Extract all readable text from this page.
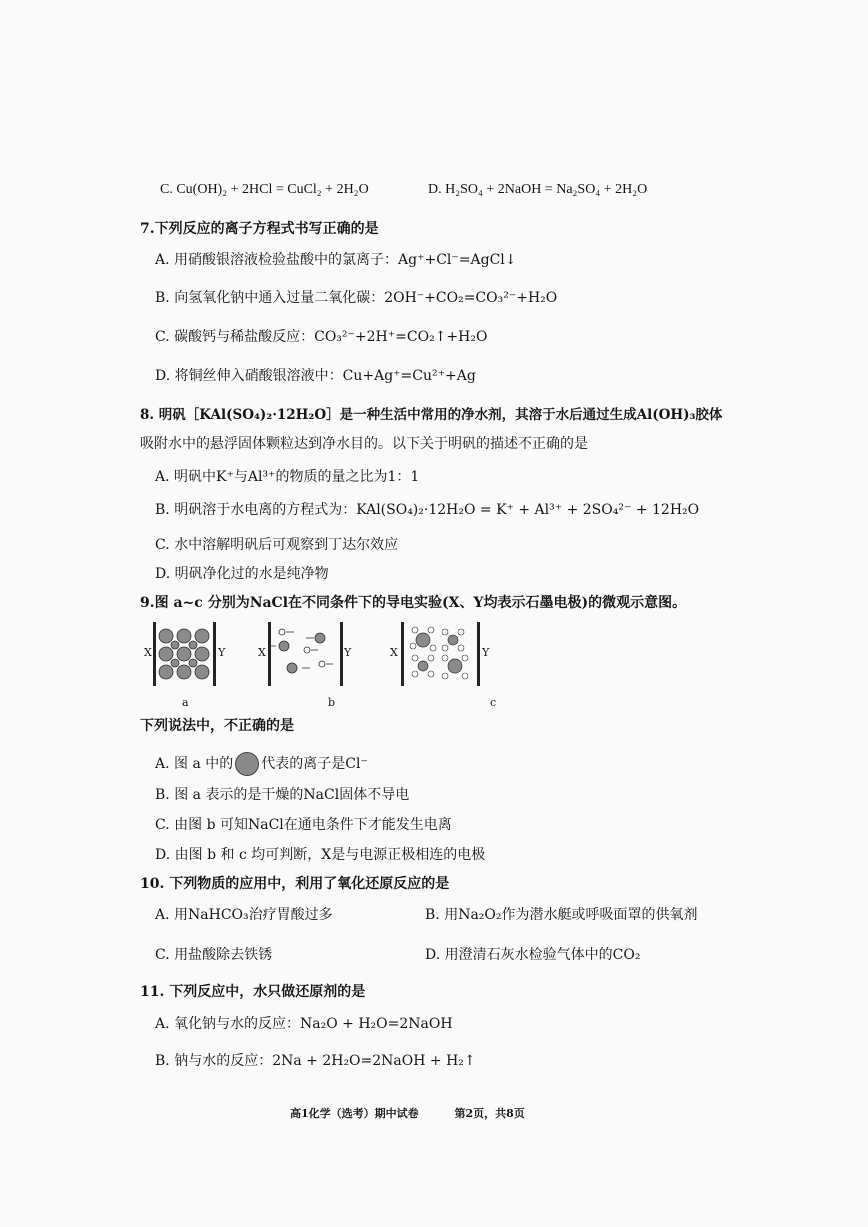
C. Cu(OH)₂ + 2HCl = CuCl₂ + 2H₂O	D. H₂SO₄ + 2NaOH = Na₂SO₄ + 2H₂O
7.下列反应的离子方程式书写正确的是
A. 用硝酸银溶液检验盐酸中的氯离子：Ag⁺+Cl⁻=AgCl↓
B. 向氢氧化钠中通入过量二氧化碳：2OH⁻+CO₂=CO₃²⁻+H₂O
C. 碳酸钙与稀盐酸反应：CO₃²⁻+2H⁺=CO₂↑+H₂O
D. 将铜丝伸入硝酸银溶液中：Cu+Ag⁺=Cu²⁺+Ag
8. 明矾［KAl(SO₄)₂·12H₂O］是一种生活中常用的净水剂，其溶于水后通过生成Al(OH)₃胶体
吸附水中的悬浮固体颗粒达到净水目的。以下关于明矾的描述不正确的是
A. 明矾中K⁺与Al³⁺的物质的量之比为1：1
B. 明矾溶于水电离的方程式为：KAl(SO₄)₂·12H₂O = K⁺ + Al³⁺ + 2SO₄²⁻ + 12H₂O
C. 水中溶解明矾后可观察到丁达尔效应
D. 明矾净化过的水是纯净物
9.图 a~c 分别为NaCl在不同条件下的导电实验(X、Y均表示石墨电极)的微观示意图。
X	Y
a
X	Y
b
X	Y
c
下列说法中，不正确的是
A. 图 a 中的 代表的离子是Cl⁻
B. 图 a 表示的是干燥的NaCl固体不导电
C. 由图 b 可知NaCl在通电条件下才能发生电离
D. 由图 b 和 c 均可判断，X是与电源正极相连的电极
10. 下列物质的应用中，利用了氧化还原反应的是
A. 用NaHCO₃治疗胃酸过多	B. 用Na₂O₂作为潜水艇或呼吸面罩的供氧剂
C. 用盐酸除去铁锈	D. 用澄清石灰水检验气体中的CO₂
11. 下列反应中，水只做还原剂的是
A. 氧化钠与水的反应：Na₂O + H₂O=2NaOH
B. 钠与水的反应：2Na + 2H₂O=2NaOH + H₂↑
高1化学（选考）期中试卷	第2页，共8页
